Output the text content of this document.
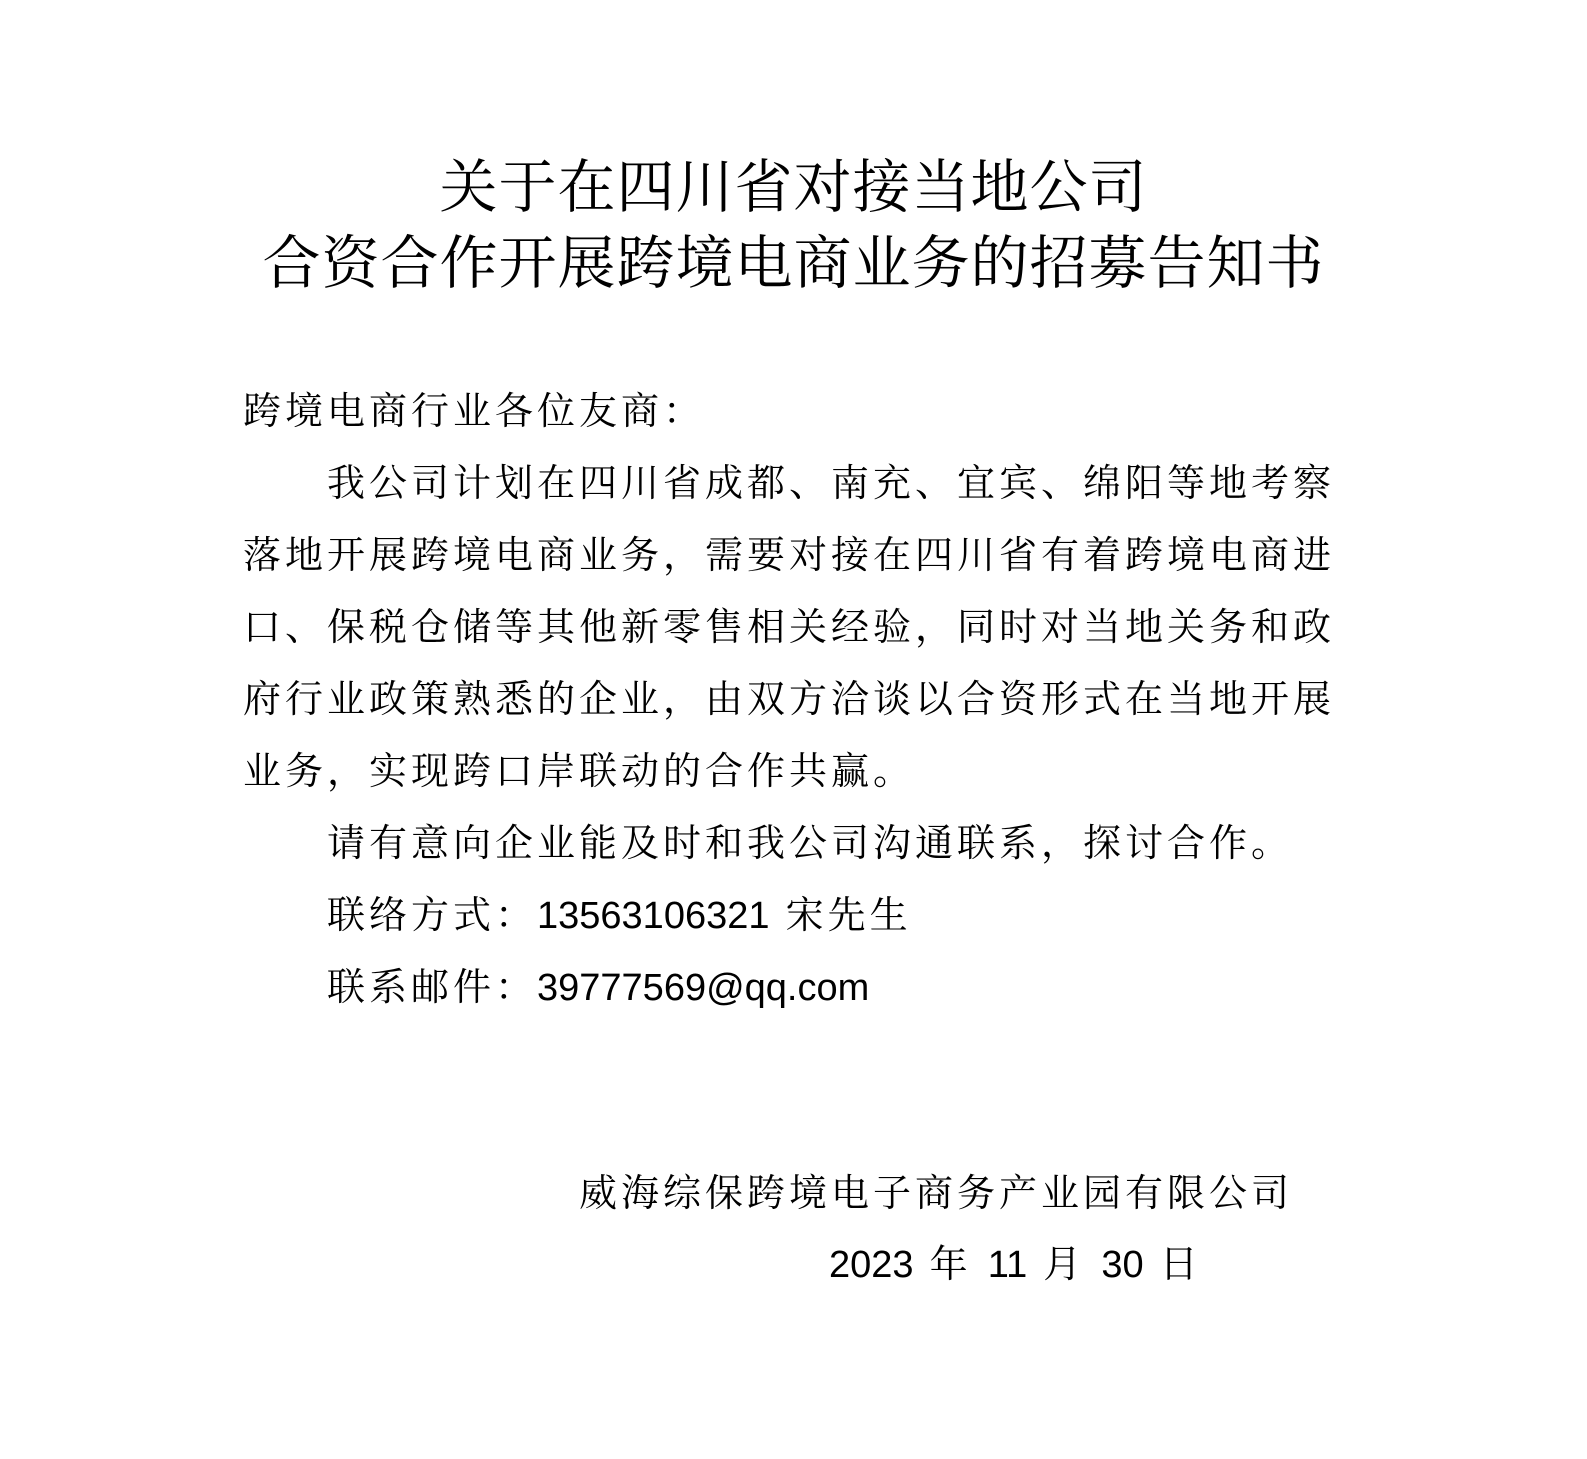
关于在四川省对接当地公司
合资合作开展跨境电商业务的招募告知书
跨境电商行业各位友商：
我公司计划在四川省成都、南充、宜宾、绵阳等地考察
落地开展跨境电商业务，需要对接在四川省有着跨境电商进
口、保税仓储等其他新零售相关经验，同时对当地关务和政
府行业政策熟悉的企业，由双方洽谈以合资形式在当地开展
业务，实现跨口岸联动的合作共赢。
请有意向企业能及时和我公司沟通联系，探讨合作。
联络方式：13563106321 宋先生
联系邮件：39777569@qq.com
威海综保跨境电子商务产业园有限公司
2023 年 11 月 30 日
